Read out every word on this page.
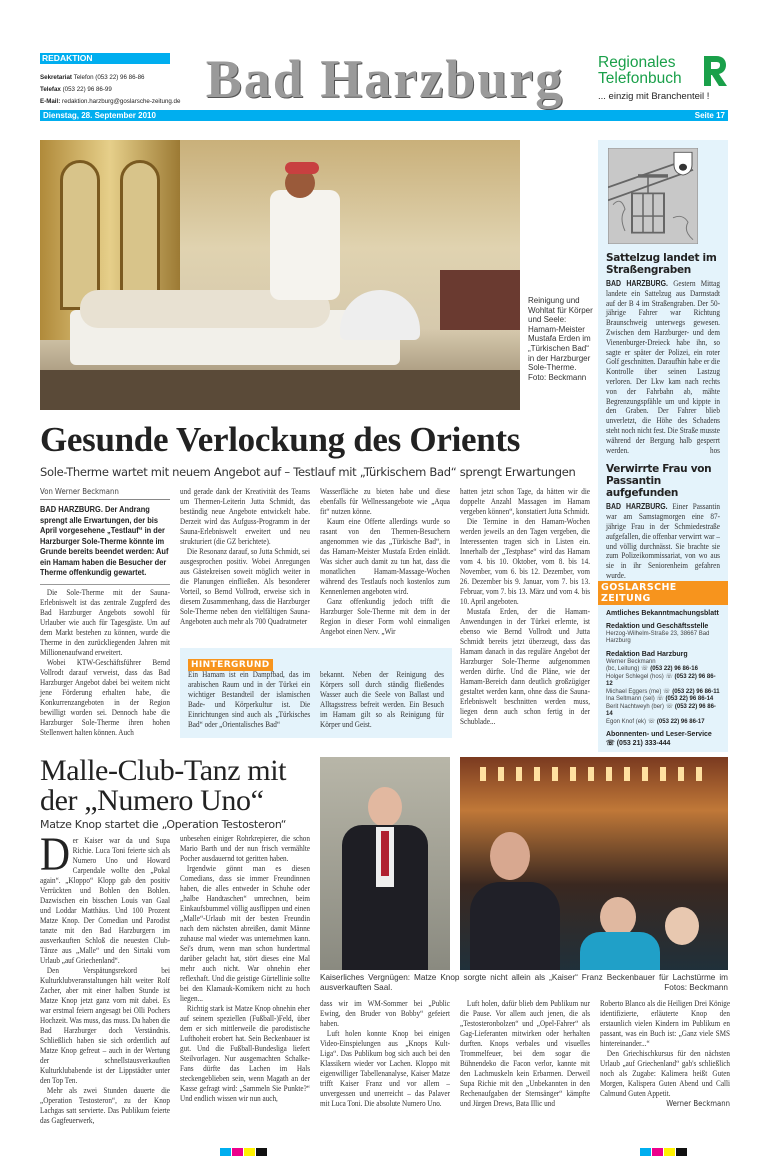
REDAKTION
Sekretariat Telefon (053 22) 96 86-86
Telefax (053 22) 96 86-99
E-Mail: redaktion.harzburg@goslarsche-zeitung.de Bad Harzburg	Regionales
Telefonbuch
... einzig mit Branchenteil !
Dienstag, 28. September 2010	Seite 17
Reinigung und Wohltat für Körper und Seele: Hamam-Meister Mustafa Erden im „Türkischen Bad“ in der Harzburger Sole-Therme. Foto: Beckmann
Sattelzug landet im Straßengraben

BAD HARZBURG. Gestern Mittag landete ein Sattelzug aus Darmstadt auf der B 4 im Straßengraben. Der 50-jährige Fahrer war Richtung Braunschweig unterwegs gewesen. Zwischen dem Harzburger- und dem Vienenburger-Dreieck habe ihn, so sagte er später der Polizei, ein roter Golf geschnitten. Daraufhin habe er die Kontrolle über seinen Lastzug verloren. Der Lkw kam nach rechts von der Fahrbahn ab, mähte Begrenzungspfähle um und kippte in den Graben. Der Fahrer blieb unverletzt, die Höhe des Schadens steht noch nicht fest. Die Straße musste während der Bergung halb gesperrt werden.	hos

Verwirrte Frau von Passantin aufgefunden

BAD HARZBURG. Einer Passantin war am Samstagmorgen eine 87-jährige Frau in der Schmiedestraße aufgefallen, die offenbar verwirrt war – und völlig durchnässt. Sie brachte sie zum Polizeikommissariat, von wo aus sie in ihr Seniorenheim gefahren wurde.

GOSLARSCHE ZEITUNG
Amtliches Bekanntmachungsblatt
Redaktion und Geschäftsstelle
Herzog-Wilhelm-Straße 23, 38667 Bad Harzburg
Redaktion Bad Harzburg
Werner Beckmann
(bc, Leitung) ☏ (053 22) 96 86-16
Holger Schlegel (hos) ☏ (053 22) 96 86-12
Michael Eggers (me) ☏ (053 22) 96 86-11
Ina Seltmann (sel) ☏ (053 22) 96 86-14
Berit Nachtweyh (ber) ☏ (053 22) 96 86-14
Egon Knof (ek) ☏ (053 22) 96 86-17
Abonnenten- und Leser-Service
☏ (053 21) 333-444
Gesunde Verlockung des Orients
Sole-Therme wartet mit neuem Angebot auf – Testlauf mit „Türkischem Bad“ sprengt Erwartungen
Von Werner Beckmann
BAD HARZBURG. Der Andrang sprengt alle Erwartungen, der bis April vorgesehene „Testlauf“ in der Harzburger Sole-Therme könnte im Grunde bereits beendet werden: Auf ein Hamam haben die Besucher der Therme offenkundig gewartet.

Die Sole-Therme mit der Sauna-Erlebniswelt ist das zentrale Zugpferd des Bad Harzburger Angebots sowohl für Urlauber wie auch für Tagesgäste. Um auf dem Markt bestehen zu können, wurde die Therme in den zurückliegenden Jahren mit Millionenaufwand erweitert.

Wobei KTW-Geschäftsführer Bernd Vollrodt darauf verweist, dass das Bad Harzburger Angebot dabei bei weitem nicht jene Förderung erhalten habe, die Konkurrenzangeboten in der Region bewilligt worden sei. Dennoch habe die Harzburger Sole-Therme ihren hohen Stellenwert halten können. Auch

und gerade dank der Kreativität des Teams um Thermen-Leiterin Jutta Schmidt, das beständig neue Angebote entwickelt habe. Derzeit wird das Aufguss-Programm in der Sauna-Erlebniswelt erweitert und neu strukturiert (die GZ berichtete).

Die Resonanz darauf, so Jutta Schmidt, sei ausgesprochen positiv. Wobei Anregungen aus Gästekreisen soweit möglich weiter in die Planungen einfließen. Als besonderer Vorteil, so Bernd Vollrodt, erweise sich in diesem Zusammenhang, dass die Harzburger Sole-Therme neben den vielfältigen Sauna-Angeboten auch mehr als 700 Quadratmeter

Wasserfläche zu bieten habe und diese ebenfalls für Wellnessangebote wie „Aqua fit“ nutzen könne.

Kaum eine Offerte allerdings wurde so rasant von den Thermen-Besuchern angenommen wie das „Türkische Bad“, in das Hamam-Meister Mustafa Erden einlädt. Was sicher auch damit zu tun hat, dass die monatlichen Hamam-Massage-Wochen während des Testlaufs noch kostenlos zum Kennenlernen angeboten wird.

Ganz offenkundig jedoch trifft die Harzburger Sole-Therme mit dem in der Region in dieser Form wohl einmaligen Angebot einen Nerv. „Wir

hatten jetzt schon Tage, da hätten wir die doppelte Anzahl Massagen im Hamam vergeben können“, konstatiert Jutta Schmidt.

Die Termine in den Hamam-Wochen werden jeweils an den Tagen vergeben, die Interessenten tragen sich in Listen ein. Innerhalb der „Testphase“ wird das Hamam vom 4. bis 10. Oktober, vom 8. bis 14. November, vom 6. bis 12. Dezember, vom 26. Dezember bis 9. Januar, vom 7. bis 13. Februar, vom 7. bis 13. März und vom 4. bis 10. April angeboten.

Mustafa Erden, der die Hamam-Anwendungen in der Türkei erlernte, ist ebenso wie Bernd Vollrodt und Jutta Schmidt bereits jetzt überzeugt, dass das Hamam danach in das reguläre Angebot der Harzburger Sole-Therme aufgenommen werden dürfte. Und die Pläne, wie der Hamam-Bereich dann deutlich großzügiger gestaltet werden kann, ohne dass die Sauna-Erlebniswelt beschnitten werden muss, liegen denn auch schon fertig in der Schublade...

HINTERGRUND
Ein Hamam ist ein Dampfbad, das im arabischen Raum und in der Türkei ein wichtiger Bestandteil der islamischen Bade- und Körperkultur ist. Die Einrichtungen sind auch als „Türkisches Bad“ oder „Orientalisches Bad“
bekannt. Neben der Reinigung des Körpers soll durch ständig fließendes Wasser auch die Seele von Ballast und Alltagsstress befreit werden. Ein Besuch im Hamam gilt so als Reinigung für Körper und Geist.
Malle-Club-Tanz mit der „Numero Uno“
Matze Knop startet die „Operation Testosteron“

Der Kaiser war da und Supa Richie. Luca Toni feierte sich als Numero Uno und Howard Carpendale wollte den „Pokal again“. „Kloppo“ Klopp gab den positiv Verrückten und Bohlen den Bohlen. Dazwischen ein bisschen Louis van Gaal und Loddar Matthäus. Und 100 Prozent Matze Knop. Der Comedian und Parodist tanzte mit den Bad Harzburgern im ausverkauften Schloß die neuesten Club-Tänze aus „Malle“ und den Sirtaki vom Urlaub „auf Griechenland“.

Den Verspätungsrekord bei Kulturklubveranstaltungen hält weiter Rolf Zacher, aber mit einer halben Stunde ist Matze Knop jetzt ganz vorn mit dabei. Es war erstmal feiern angesagt bei Olli Pochers Hochzeit. Was muss, das muss. Da haben die Bad Harzburger doch Verständnis. Schließlich haben sie sich ordentlich auf Matze Knop gefreut – auch in der Wertung der schnellstausverkauften Kulturklubabende ist der Lippstädter unter den Top Ten.

Mehr als zwei Stunden dauerte die „Operation Testosteron“, zu der Knop Lachgas satt servierte. Das Publikum feierte das Gagfeuerwerk,

unbesehen einiger Rohrkrepierer, die schon Mario Barth und der nun frisch vermählte Pocher ausdauernd tot geritten haben.

Irgendwie gönnt man es diesen Comedians, dass sie immer Freundinnen haben, die alles entweder in Schuhe oder „halbe Handtaschen“ umrechnen, beim Einkaufsbummel völlig ausflippen und einen „Malle“-Urlaub mit der besten Freundin nach dem nächsten abreißen, damit Männe zuhause mal wieder was unternehmen kann. Sei's drum, wenn man schon hundertmal darüber gelacht hat, stört dieses eine Mal mehr auch nicht. War ohnehin eher reflexhaft. Und die geistige Gürtellinie sollte bei den Klamauk-Komikern nicht zu hoch liegen...

Richtig stark ist Matze Knop ohnehin eher auf seinem speziellen (Fußball-)Feld, über dem er sich mittlerweile die parodistische Lufthoheit erobert hat. Sein Beckenbauer ist gut. Und die Fußball-Bundesliga liefert Steilvorlagen. Nur ausgemachten Schalke-Fans dürfte das Lachen im Hals steckengeblieben sein, wenn Magath an der Kasse gefragt wird: „Sammeln Sie Punkte?“ Und endlich wissen wir nun auch,

Kaiserliches Vergnügen: Matze Knop sorgte nicht allein als „Kaiser“ Franz Beckenbauer für Lachstürme im ausverkauften Saal.	Fotos: Beckmann

dass wir im WM-Sommer bei „Public Ewing, den Bruder von Bobby“ gefeiert haben.

Luft holen konnte Knop bei einigen Video-Einspielungen aus „Knops Kult-Liga“. Das Publikum bog sich auch bei den Klassikern wieder vor Lachen. Kloppo mit eigenwilliger Tabellenanalyse, Kaiser Matze trifft Kaiser Franz und vor allem – unvergessen und unerreicht – das Palaver mit Luca Toni. Die absolute Numero Uno.

Luft holen, dafür blieb dem Publikum nur die Pause. Vor allem auch jenen, die als „Testosteronbolzen“ und „Opel-Fahrer“ als Gag-Lieferanten mitwirken oder herhalten durften. Knops verbales und visuelles Trommelfeuer, bei dem sogar die Bühnendeko die Facon verlor, kannte mit den Lachmuskeln kein Erbarmen. Derweil Supa Richie mit den „Unbekannten in den Rechenaufgaben der Sternsänger“ kämpfte und Jürgen Drews, Bata Illic und

Roberto Blanco als die Heiligen Drei Könige identifizierte, erläuterte Knop den erstaunlich vielen Kindern im Publikum en passant, was ein Buch ist: „Ganz viele SMS hintereinander...“

Den Griechischkursus für den nächsten Urlaub „auf Griechenland“ gab's schließlich noch als Zugabe: Kalimera heißt Guten Morgen, Kalispera Guten Abend und Calli Calmund Guten Appetit.

Werner Beckmann
